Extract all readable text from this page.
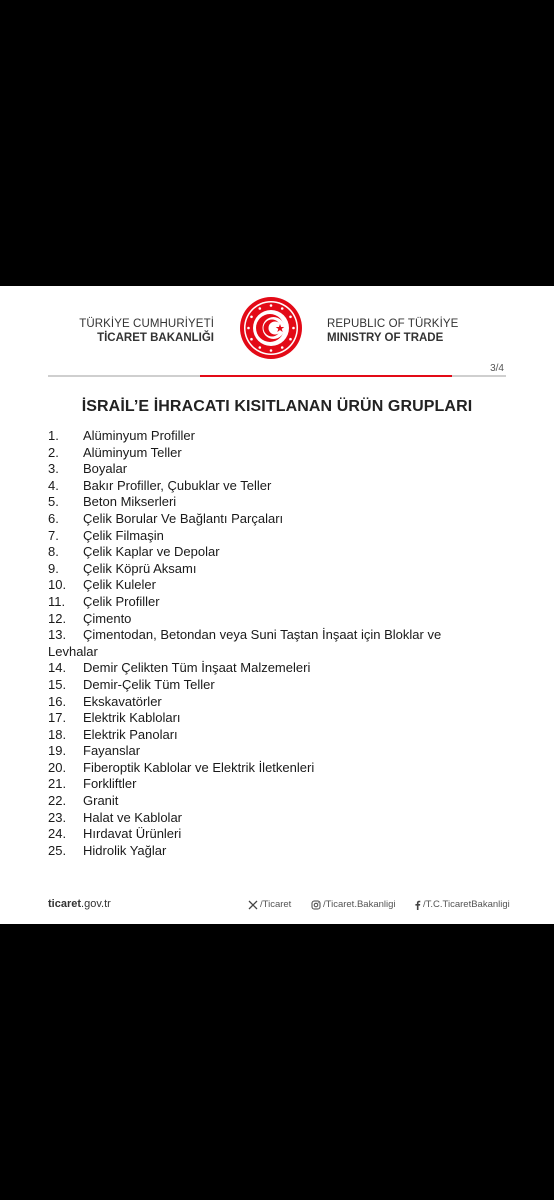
TÜRKİYE CUMHURİYETİ
TİCARET BAKANLIĞI
REPUBLIC OF TÜRKİYE
MINISTRY OF TRADE
3/4
İSRAİL’E İHRACATI KISITLANAN ÜRÜN GRUPLARI
1.	Alüminyum Profiller
2.	Alüminyum Teller
3.	Boyalar
4.	Bakır Profiller, Çubuklar ve Teller
5.	Beton Mikserleri
6.	Çelik Borular Ve Bağlantı Parçaları
7.	Çelik Filmaşin
8.	Çelik Kaplar ve Depolar
9.	Çelik Köprü Aksamı
10.	Çelik Kuleler
11.	Çelik Profiller
12.	Çimento
13.	Çimentodan, Betondan veya Suni Taştan İnşaat için Bloklar ve
Levhalar
14.	Demir Çelikten Tüm İnşaat Malzemeleri
15.	Demir-Çelik Tüm Teller
16.	Ekskavatörler
17.	Elektrik Kabloları
18.	Elektrik Panoları
19.	Fayanslar
20.	Fiberoptik Kablolar ve Elektrik İletkenleri
21.	Forkliftler
22.	Granit
23.	Halat ve Kablolar
24.	Hırdavat Ürünleri
25.	Hidrolik Yağlar
ticaret.gov.tr	/Ticaret	/Ticaret.Bakanligi	/T.C.TicaretBakanligi
